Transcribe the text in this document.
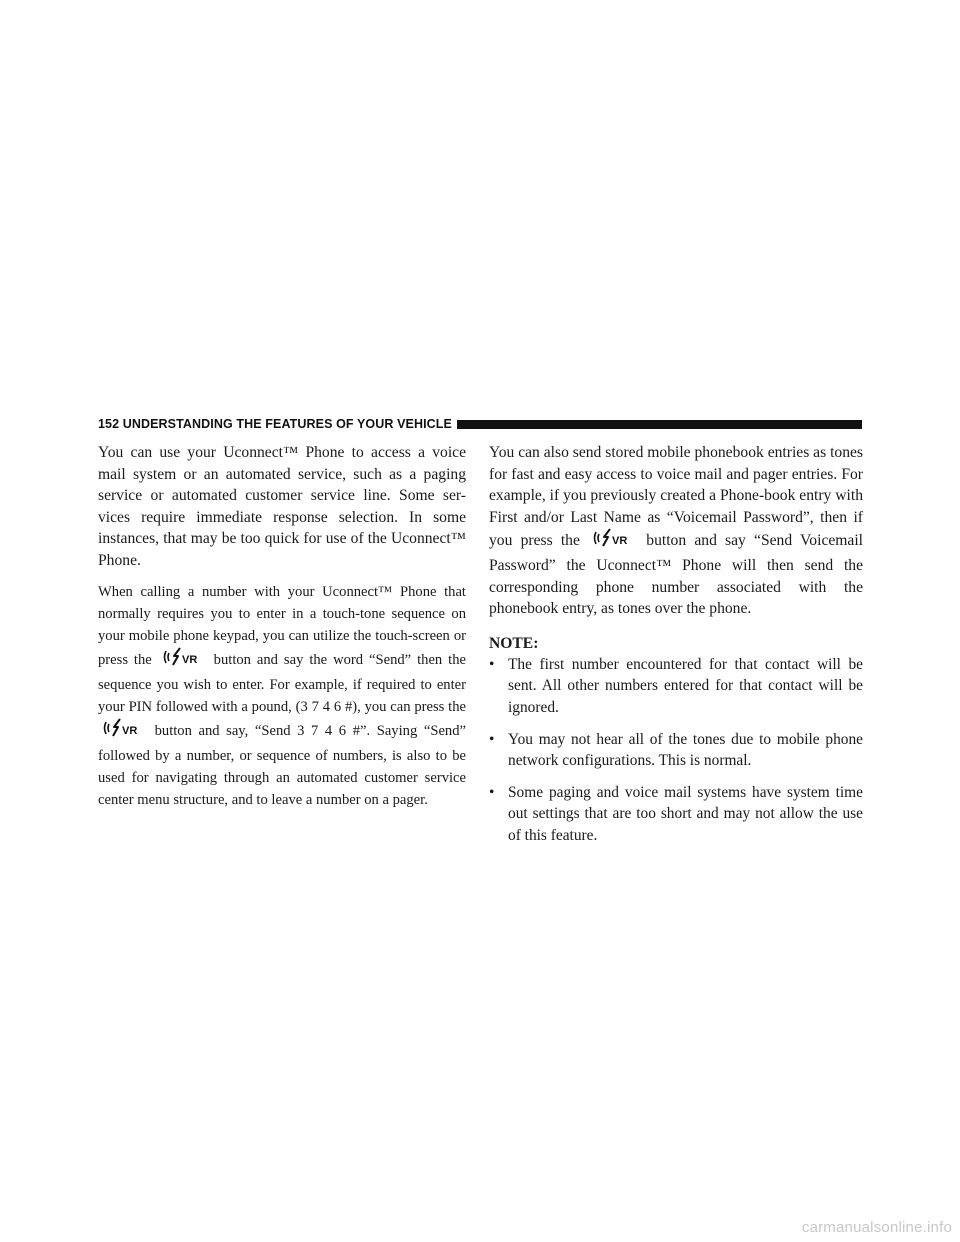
152 UNDERSTANDING THE FEATURES OF YOUR VEHICLE

You can use your Uconnect™ Phone to access a voice mail system or an automated service, such as a paging service or automated customer service line. Some ser-vices require immediate response selection. In some instances, that may be too quick for use of the Uconnect™ Phone.

When calling a number with your Uconnect™ Phone that normally requires you to enter in a touch-tone sequence on your mobile phone keypad, you can utilize the touch-screen or press the	VR button and say the word “Send” then the sequence you wish to enter. For example, if required to enter your PIN followed with a pound, (3 7 4 6 #), you can press the
VR button and say, “Send 3 7 4 6 #”. Saying “Send” followed by a number, or sequence of numbers, is also to be used for navigating through an automated customer service center menu structure, and to leave a number on a pager.

You can also send stored mobile phonebook entries as tones for fast and easy access to voice mail and pager entries. For example, if you previously created a Phone-book entry with First and/or Last Name as “Voicemail Password”, then if you press the	VR button and say “Send Voicemail Password” the Uconnect™ Phone will then send the corresponding phone number associated with the phonebook entry, as tones over the phone.

NOTE:
• The first number encountered for that contact will be sent. All other numbers entered for that contact will be ignored.
• You may not hear all of the tones due to mobile phone network configurations. This is normal.
• Some paging and voice mail systems have system time out settings that are too short and may not allow the use of this feature.
carmanualsonline.info
